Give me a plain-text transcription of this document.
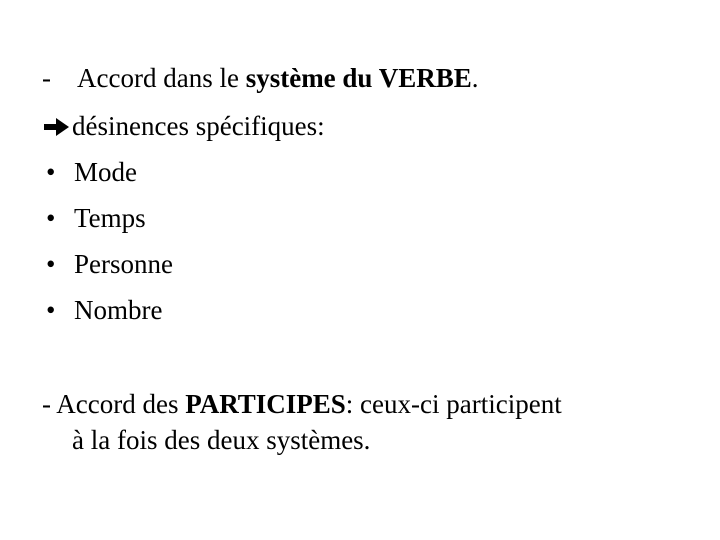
- Accord dans le système du VERBE.
désinences spécifiques:
• Mode
• Temps
• Personne
• Nombre
- Accord des PARTICIPES: ceux-ci participent
à la fois des deux systèmes.
